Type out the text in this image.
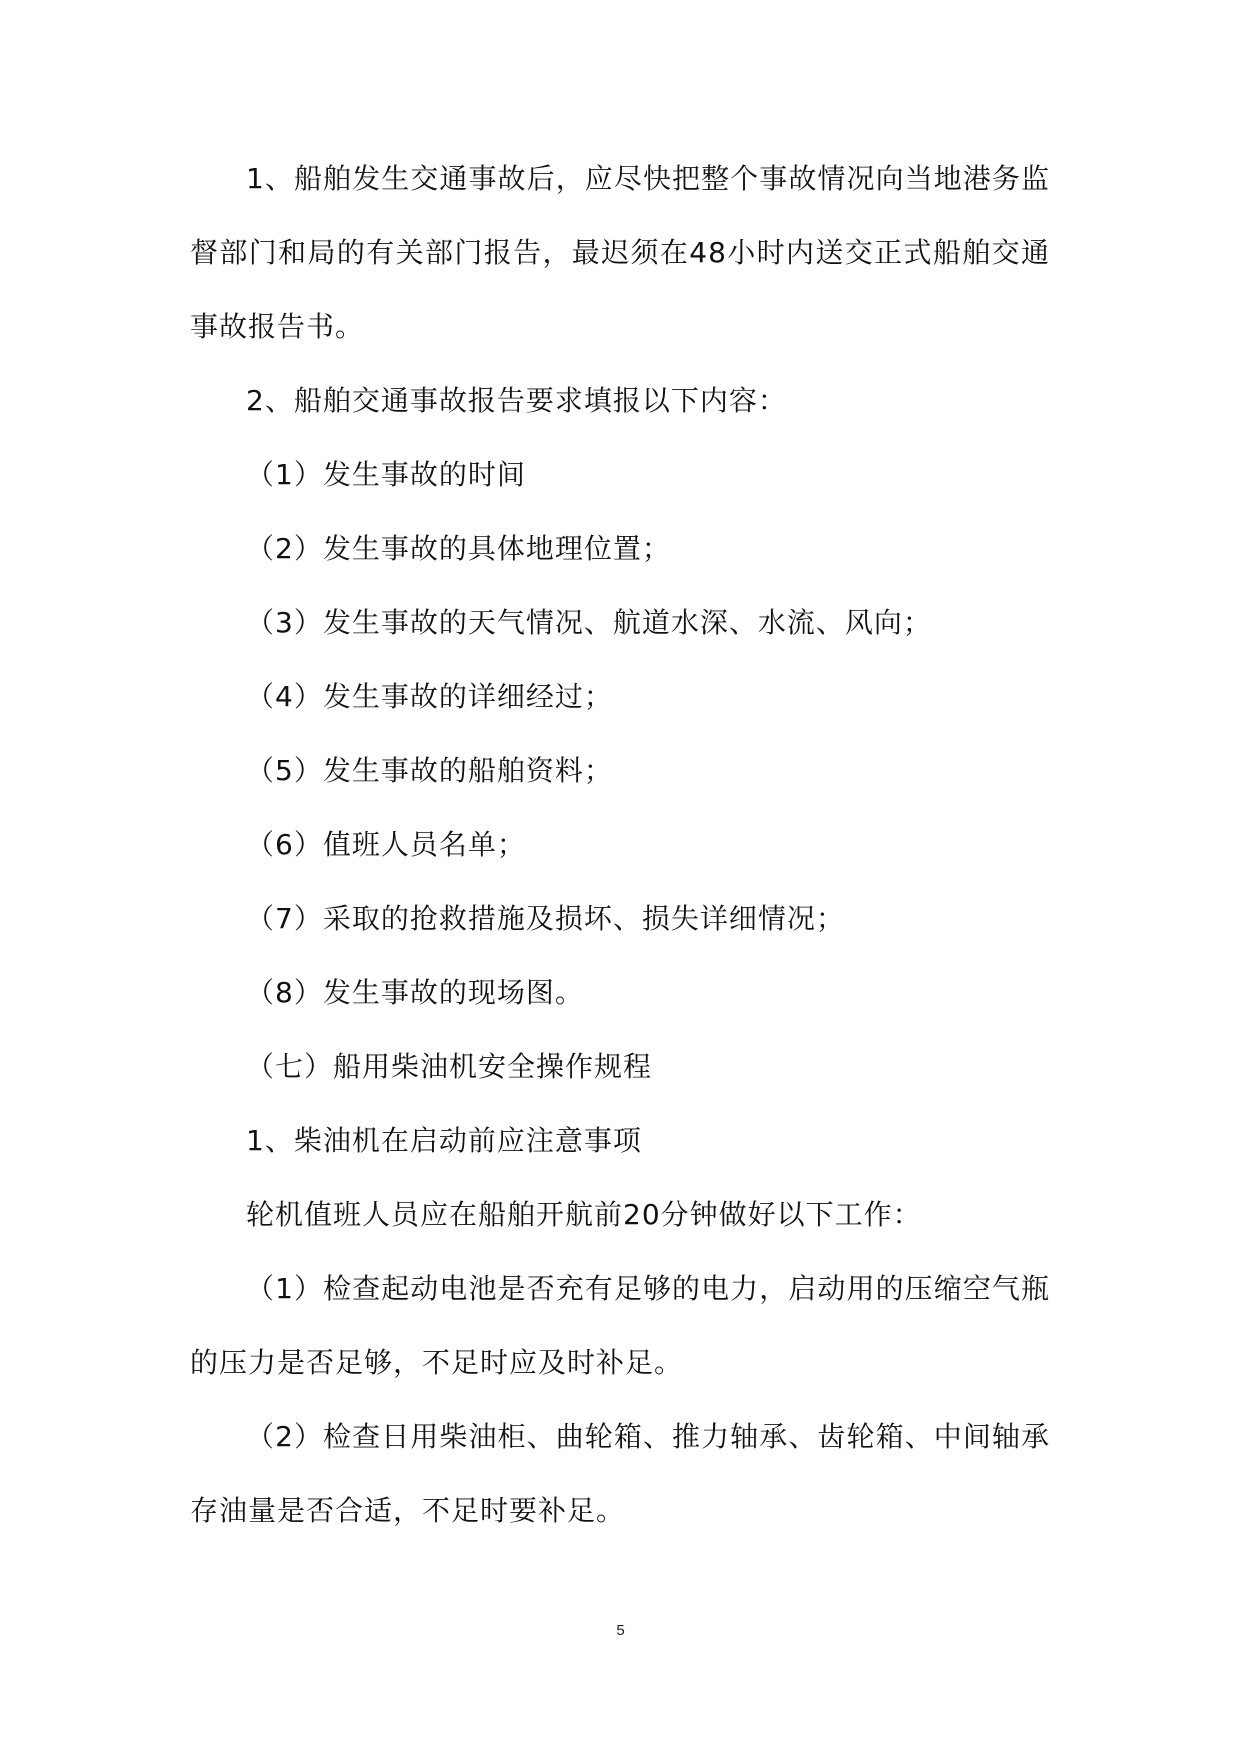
1、船舶发生交通事故后，应尽快把整个事故情况向当地港务监督部门和局的有关部门报告，最迟须在48小时内送交正式船舶交通事故报告书。

2、船舶交通事故报告要求填报以下内容：

（1）发生事故的时间

（2）发生事故的具体地理位置；

（3）发生事故的天气情况、航道水深、水流、风向；

（4）发生事故的详细经过；

（5）发生事故的船舶资料；

（6）值班人员名单；

（7）采取的抢救措施及损坏、损失详细情况；

（8）发生事故的现场图。

（七）船用柴油机安全操作规程

1、柴油机在启动前应注意事项

轮机值班人员应在船舶开航前20分钟做好以下工作：

（1）检查起动电池是否充有足够的电力，启动用的压缩空气瓶的压力是否足够，不足时应及时补足。

（2）检查日用柴油柜、曲轮箱、推力轴承、齿轮箱、中间轴承存油量是否合适，不足时要补足。

5
